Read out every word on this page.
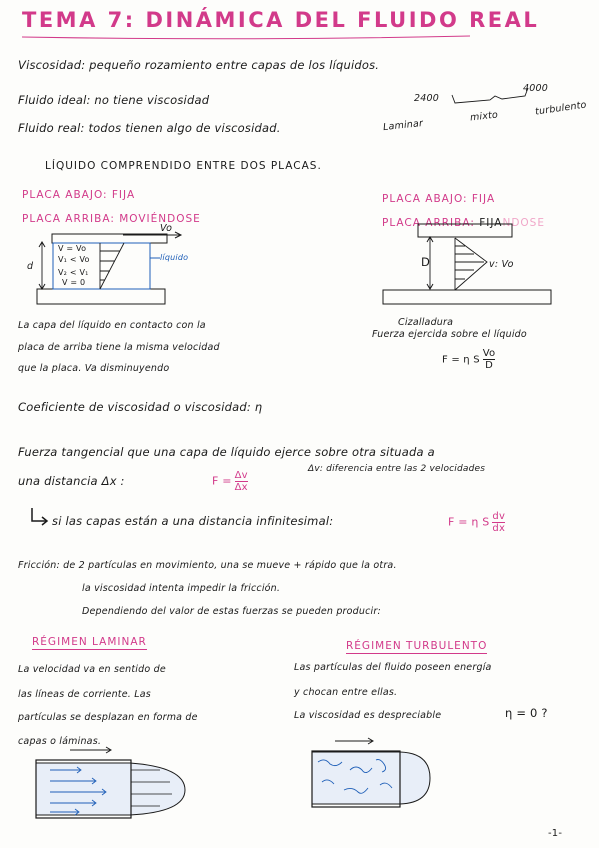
TEMA 7: DINÁMICA DEL FLUIDO REAL
Viscosidad: pequeño rozamiento entre capas de los líquidos.
Fluido ideal: no tiene viscosidad
Fluido real: todos tienen algo de viscosidad.
2400
4000
Laminar
mixto	turbulento
LÍQUIDO COMPRENDIDO ENTRE DOS PLACAS.
PLACA ABAJO: FIJA
PLACA ARRIBA: MOVIÉNDOSE
PLACA ABAJO: FIJA
PLACA ARRIBA: FIJANDOSE
Vo
d
V = Vo
V₁ < Vo
V₂ < V₁
V = 0
líquido	D	v: Vo
Cizalladura
La capa del líquido en contacto con la
placa de arriba tiene la misma velocidad
que la placa. Va disminuyendo
Fuerza ejercida sobre el líquido
F = η S $\frac{Vo}{D}$
Coeficiente de viscosidad o viscosidad: η
Fuerza tangencial que una capa de líquido ejerce sobre otra situada a
una distancia Δx :	$F = \frac{\Delta v}{\Delta x}$
Δv: diferencia entre las 2 velocidades
si las capas están a una distancia infinitesimal:	F = η S $\frac{dv}{dx}$
Fricción: de 2 partículas en movimiento, una se mueve + rápido que la otra.
la viscosidad intenta impedir la fricción.
Dependiendo del valor de estas fuerzas se pueden producir:
RÉGIMEN LAMINAR	RÉGIMEN TURBULENTO
La velocidad va en sentido de
las líneas de corriente. Las
partículas se desplazan en forma de
capas o láminas.
Las partículas del fluido poseen energía
y chocan entre ellas.
La viscosidad es despreciable	η = 0 ?
-1-
